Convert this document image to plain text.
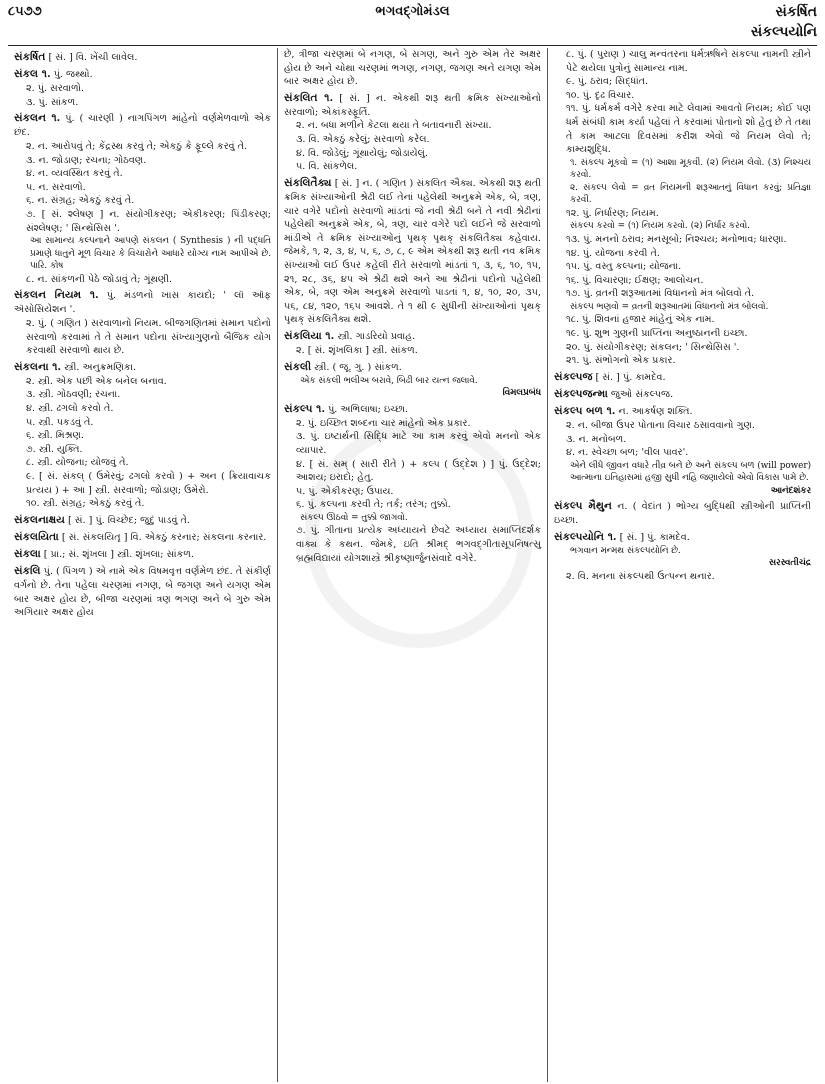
૮૫૭૭	ભગવદ્ગોમંડલ	સંકર્ષિત
સંકલ્પયોનિ

સંકર્ષિત [ સં. ] વિ. ખેંચી લાવેલ.

સંકલ ૧. પું. જથ્થો.

૨. પું. સરવાળો.

૩. પું. સાંકળ.

સંકલન ૧. પું. ( ચારણી ) નાગપિંગળ માંહેનો વર્ણમેળવાળો એક છંદ.

૨. ન. આરોપવું તે; કેંદ્રસ્થ કરવું તે; એકઠું કે ફૂલ્લે કરવું તે.

૩. ન. જોડાણ; રચના; ગોઠવણ.

૪. ન. વ્યવસ્થિત કરવું તે.

૫. ન. સરવાળો.

૬. ન. સંગ્રહ; એકઠું કરવું તે.

૭. [ સં. શ્લેષણ ] ન. સંયોગીકરણ; એકીકરણ; પિંડીકરણ; સંશ્લેષણ; ' સિન્થેસિસ '.

આ સામાન્ય કલ્પનાને આપણે સંકલન ( Synthesis ) ની પદ્ધતિ પ્રમાણે ધાતુને મૂળ વિચાર કે વિચારોને આધારે યોગ્ય નામ આપીએ છે. પારિ. કોષ

૮. ન. સાંકળની પેઠે જોડાવું તે; ગૂંથણી.

સંકલન નિયમ ૧. પું. મંડળનો ખાસ કાયદો; ' લૉ ઑફ ઍસોસિયેશન '.

૨. પું. ( ગણિત ) સરવાળાનો નિયમ. બીજગણિતમાં સમાન પદોનો સરવાળો કરવામાં તે તે સમાન પદોના સંખ્યાગુણનો બૈજિક યોગ કરવાથી સરવાળો થાય છે.

સંકલના ૧. સ્ત્રી. અનુક્રમણિકા.

૨. સ્ત્રી. એક પછી એક બનેલ બનાવ.

૩. સ્ત્રી. ગોઠવણી; રચના.

૪. સ્ત્રી. ઢગલો કરવો તે.

૫. સ્ત્રી. પકડવું તે.

૬. સ્ત્રી. મિશ્રણ.

૭. સ્ત્રી. યુક્તિ.

૮. સ્ત્રી. યોજના; યોજવું તે.

૯. [ સં. સંકલ્ ( ઉમેરવું; ઢગલો કરવો ) + અન ( ક્રિયાવાચક પ્રત્યય ) + આ ] સ્ત્રી. સરવાળો; જોડાણ; ઉમેરો.

૧૦. સ્ત્રી. સંગ્રહ; એકઠું કરવું તે.

સંકલનાક્ષય [ સં. ] પું. વિચ્છેદ; જુદું પાડવું તે.

સંકલયિતા [ સં. સંકલયિતૃ ] વિ. એકઠું કરનાર; સંકલના કરનાર.

સંકલા [ પ્રા.; સં. શૃંખલા ] સ્ત્રી. શૃંખલા; સાંકળ.

સંકલિ પું. ( પિંગળ ) એ નામે એક વિષમવૃત્ત વર્ણમેળ છંદ. તે સંકીર્ણ વર્ગનો છે. તેના પહેલા ચરણમાં નગણ, બે જગણ અને યગણ એમ બાર અક્ષર હોય છે, બીજા ચરણમાં ત્રણ ભગણ અને બે ગુરુ એમ અગિયાર અક્ષર હોય

છે, ત્રીજા ચરણમાં બે નગણ, બે સગણ, અને ગુરુ એમ તેર અક્ષર હોય છે અને ચોથા ચરણમાં ભગણ, નગણ, જગણ અને યગણ એમ બાર અક્ષર હોય છે.

સંકલિત ૧. [ સં. ] ન. એકથી શરૂ થતી ક્રમિક સંખ્યાઓનો સરવાળો; એકાંકસ્ફૂર્તિ.

૨. ન. બધા મળીને કેટલા થયા તે બતાવનારી સંખ્યા.

૩. વિ. એકઠું કરેલું; સરવાળો કરેલ.

૪. વિ. જોડેલું; ગૂંથાયેલું; જોડાયેલું.

૫. વિ. સાંકળેલ.

સંકલિતૈક્ય [ સં. ] ન. ( ગણિત ) સંકલિત ઐક્ય. એકથી શરૂ થતી ક્રમિક સંખ્યાઓની શ્રેઢી લઈ તેનાં પહેલેથી અનુક્રમે એક, બે, ત્રણ, ચાર વગેરે પદોનો સરવાળો માંડતાં જે નવી શ્રેઢી બને તે નવી શ્રેઢીનાં પહેલેથી અનુક્રમે એક, બે, ત્રણ, ચાર વગેરે પદો લઈને જે સરવાળો માંડીએ તે ક્રમિક સંખ્યાઓનું પૃથક્ પૃથક્ સંકલિતૈક્ય કહેવાય. જેમકે, ૧, ૨, ૩, ૪, ૫, ૬, ૭, ૮, ૯ એમ એકથી શરૂ થતી નવ ક્રમિક સંખ્યાઓ લઈ ઉપર કહેલી રીતે સરવાળો માંડતાં ૧, ૩, ૬, ૧૦, ૧૫, ૨૧, ૨૮, ૩૬, ૪૫ એ શ્રેઢી થશે અને આ શ્રેઢીનાં પદોનો પહેલેથી એક, બે, ત્રણ એમ અનુક્રમે સરવાળો પાડતાં ૧, ૪, ૧૦, ૨૦, ૩૫, ૫૬, ૮૪, ૧૨૦, ૧૬૫ આવશે. તે ૧ થી ૯ સુધીની સંખ્યાઓનાં પૃથક્ પૃથક્ સંકલિતૈક્ય થશે.

સંકલિયા ૧. સ્ત્રી. ગાડરિયો પ્રવાહ.

૨. [ સં. શૃંખલિકા ] સ્ત્રી. સાંકળ.

સંકલી સ્ત્રી. ( જૂ. ગુ. ) સાંકળ.

એક સંકલી ભલીઅ બરાવે, બિઢી બાર યત્ન જલાવે.

વિમલપ્રબંધ

સંકલ્પ ૧. પું. અભિલાષા; ઇચ્છા.

૨. પું. ઇચ્છિત શબ્દના ચાર માંહેનો એક પ્રકાર.

૩. પું. ઇષ્ટાર્થની સિદ્ધિ માટે આ કામ કરવું એવો મનનો એક વ્યાપાર.

૪. [ સં. સમ્ ( સારી રીતે ) + કલ્પ ( ઉદ્દેશ ) ] પું. ઉદ્દેશ; આશય; ઇરાદો; હેતુ.

૫. પું. એકીકરણ; ઉપાય.

૬. પું. કલ્પના કરવી તે; તર્ક; તરંગ; તુક્કો.

સંકલ્પ ઊઠવો = તુક્કો જાગવો.

૭. પું. ગીતાના પ્રત્યેક અધ્યાયને છેવટે અધ્યાય સમાપ્તિદર્શક વાક્ય કે કથન. જેમકે, ઇતિ શ્રીમદ્ ભગવદ્ગીતાસૂપનિષત્સુ બ્રહ્મવિદ્યાયાં યોગશાસ્ત્રે શ્રીકૃષ્ણાર્જુનસંવાદે વગેરે.

૮. પું. ( પુરાણ ) ચાલુ મન્વંતરના ધર્મઋષિને સંકલ્પા નામની સ્ત્રીને પેટે થયેલા પુત્રોનું સામાન્ય નામ.

૯. પું. ઠરાવ; સિદ્ધાંત.

૧૦. પું. દૃઢ વિચાર.

૧૧. પું. ધર્મકર્મ વગેરે કરવા માટે લેવામાં આવતો નિયમ; કોઈ પણ ધર્મ સંબંધી કામ કર્યા પહેલાં તે કરવામાં પોતાનો શો હેતુ છે તે તથા તે કામ આટલા દિવસમાં કરીશ એવો જે નિયમ લેવો તે; કામ્યશુદ્ધિ.

૧. સંકલ્પ મૂકવો = (૧) આશા મૂકવી. (૨) નિયમ લેવો. (૩) નિશ્ચય કરવો.

૨. સંકલ્પ લેવો = વ્રત નિયમની શરૂઆતનું વિધાન કરવું; પ્રતિજ્ઞા કરવી.

૧૨. પું. નિર્ધારણ; નિયમ.

સંકલ્પ કરવો = (૧) નિયમ કરવો. (૨) નિર્ધાર કરવો.

૧૩. પું. મનનો ઠરાવ; મનસૂબો; નિશ્ચય; મનોભાવ; ધારણા.

૧૪. પું. યોજના કરવી તે.

૧૫. પું. વસ્તુ કલ્પના; યોજના.

૧૬. પું. વિચારણા; ઈક્ષણ; આલોચન.

૧૭. પું. વ્રતની શરૂઆતમાં વિધાનનો મંત્ર બોલવો તે.

સંકલ્પ ભણવો = વ્રતની શરૂઆતમાં વિધાનનો મંત્ર બોલવો.

૧૮. પું. શિવનાં હજાર માંહેનું એક નામ.

૧૯. પું. શુભ ગુણની પ્રાપ્તિના અનુષ્ઠાનની ઇચ્છા.

૨૦. પું. સંયોગીકરણ; સંકલન; ' સિન્થેસિસ '.

૨૧. પું. સંભોગનો એક પ્રકાર.

સંકલ્પજ [ સં. ] પું. કામદેવ.

સંકલ્પજન્મા જુઓ સંકલ્પજ.

સંકલ્પ બળ ૧. ન. આકર્ષણ શક્તિ.

૨. ન. બીજા ઉપર પોતાના વિચાર ઠસાવવાનો ગુણ.

૩. ન. મનોબળ.

૪. ન. સ્વેચ્છા બળ; 'વીલ પાવર'.

એને લીધે જીવન વધારે તીવ્ર બને છે અને સંકલ્પ બળ (will power) આત્માના ઇતિહાસમાં હજી સુધી નહિ જણાયેલો એવો વિકાસ પામે છે.

આનંદશંકર

સંકલ્પ મૈથુન ન. ( વેદાંત ) ભોગ્ય બુદ્ધિથી સ્ત્રીઓની પ્રાપ્તિની ઇચ્છા.

સંકલ્પયોનિ ૧. [ સં. ] પું. કામદેવ.

ભગવાન મન્મથ સંકલ્પયોનિ છે.

સરસ્વતીચંદ્ર

૨. વિ. મનના સંકલ્પથી ઉત્પન્ન થનાર.
